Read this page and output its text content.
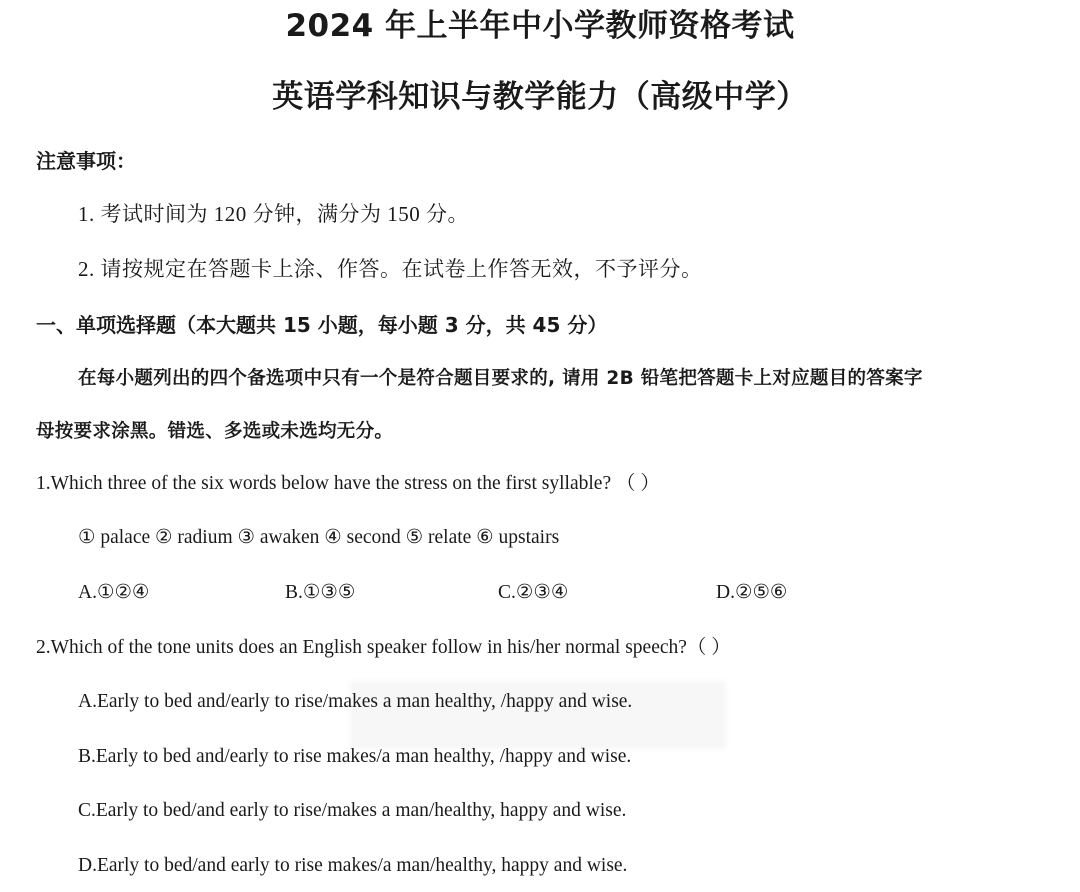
2024 年上半年中小学教师资格考试
英语学科知识与教学能力（高级中学）
注意事项：
1. 考试时间为 120 分钟，满分为 150 分。
2. 请按规定在答题卡上涂、作答。在试卷上作答无效，不予评分。
一、单项选择题（本大题共 15 小题，每小题 3 分，共 45 分）
在每小题列出的四个备选项中只有一个是符合题目要求的, 请用 2B 铅笔把答题卡上对应题目的答案字
母按要求涂黑。错选、多选或未选均无分。
1.Which three of the six words below have the stress on the first syllable? （ ）
① palace ② radium ③ awaken ④ second ⑤ relate ⑥ upstairs
A.①②④	B.①③⑤	C.②③④	D.②⑤⑥
2.Which of the tone units does an English speaker follow in his/her normal speech?（ ）
A.Early to bed and/early to rise/makes a man healthy, /happy and wise.
B.Early to bed and/early to rise makes/a man healthy, /happy and wise.
C.Early to bed/and early to rise/makes a man/healthy, happy and wise.
D.Early to bed/and early to rise makes/a man/healthy, happy and wise.
